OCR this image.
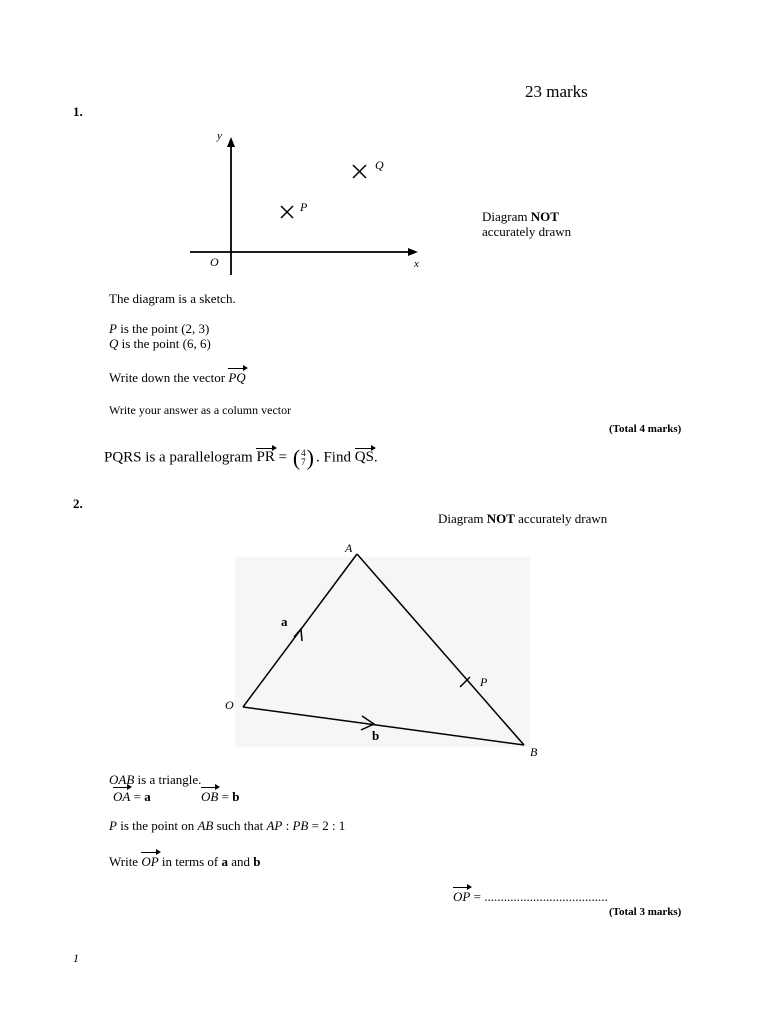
23 marks
1.
y
x
O
P
Q
Diagram NOT
accurately drawn
The diagram is a sketch.
P is the point (2, 3)
Q is the point (6, 6)
Write down the vector PQ
Write your answer as a column vector
(Total 4 marks)
PQRS is a parallelogram PR = ( 4
7 ) . Find QS.
2.
Diagram NOT accurately drawn
A
O
B
P
a
b
OAB is a triangle.
OA = a	OB = b
P is the point on AB such that AP : PB = 2 : 1
Write OP in terms of a and b
OP = ......................................
(Total 3 marks)
1
